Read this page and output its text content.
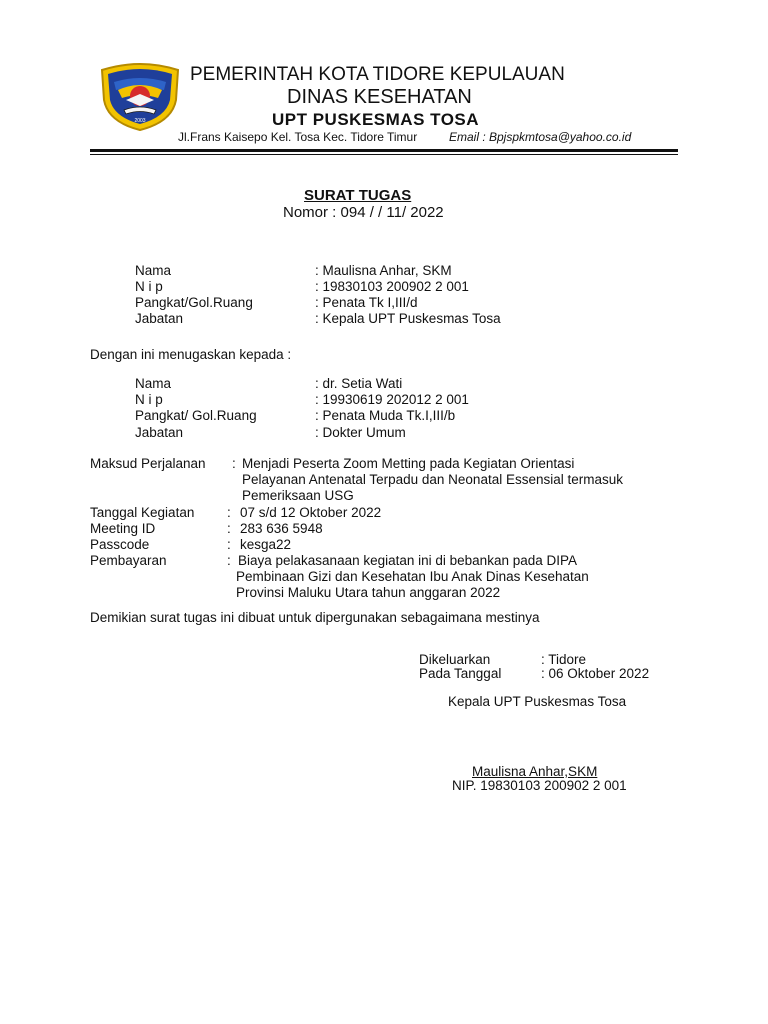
2003
PEMERINTAH KOTA TIDORE KEPULAUAN
DINAS KESEHATAN
UPT PUSKESMAS TOSA
Jl.Frans Kaisepo Kel. Tosa Kec. Tidore Timur	Email : Bpjspkmtosa@yahoo.co.id
SURAT TUGAS
Nomor : 094 / / 11/ 2022
Nama	: Maulisna Anhar, SKM
N i p	: 19830103 200902 2 001
Pangkat/Gol.Ruang	: Penata Tk I,III/d
Jabatan	: Kepala UPT Puskesmas Tosa
Dengan ini menugaskan kepada :
Nama	: dr. Setia Wati
N i p	: 19930619 202012 2 001
Pangkat/ Gol.Ruang	: Penata Muda Tk.I,III/b
Jabatan	: Dokter Umum
Maksud Perjalanan : Menjadi Peserta Zoom Metting pada Kegiatan Orientasi
Pelayanan Antenatal Terpadu dan Neonatal Essensial termasuk
Pemeriksaan USG
Tanggal Kegiatan : 07 s/d 12 Oktober 2022
Meeting ID	: 283 636 5948
Passcode	: kesga22
Pembayaran	: Biaya pelakasanaan kegiatan ini di bebankan pada DIPA
Pembinaan Gizi dan Kesehatan Ibu Anak Dinas Kesehatan
Provinsi Maluku Utara tahun anggaran 2022
Demikian surat tugas ini dibuat untuk dipergunakan sebagaimana mestinya
Dikeluarkan	: Tidore
Pada Tanggal	: 06 Oktober 2022
Kepala UPT Puskesmas Tosa
Maulisna Anhar,SKM
NIP. 19830103 200902 2 001
